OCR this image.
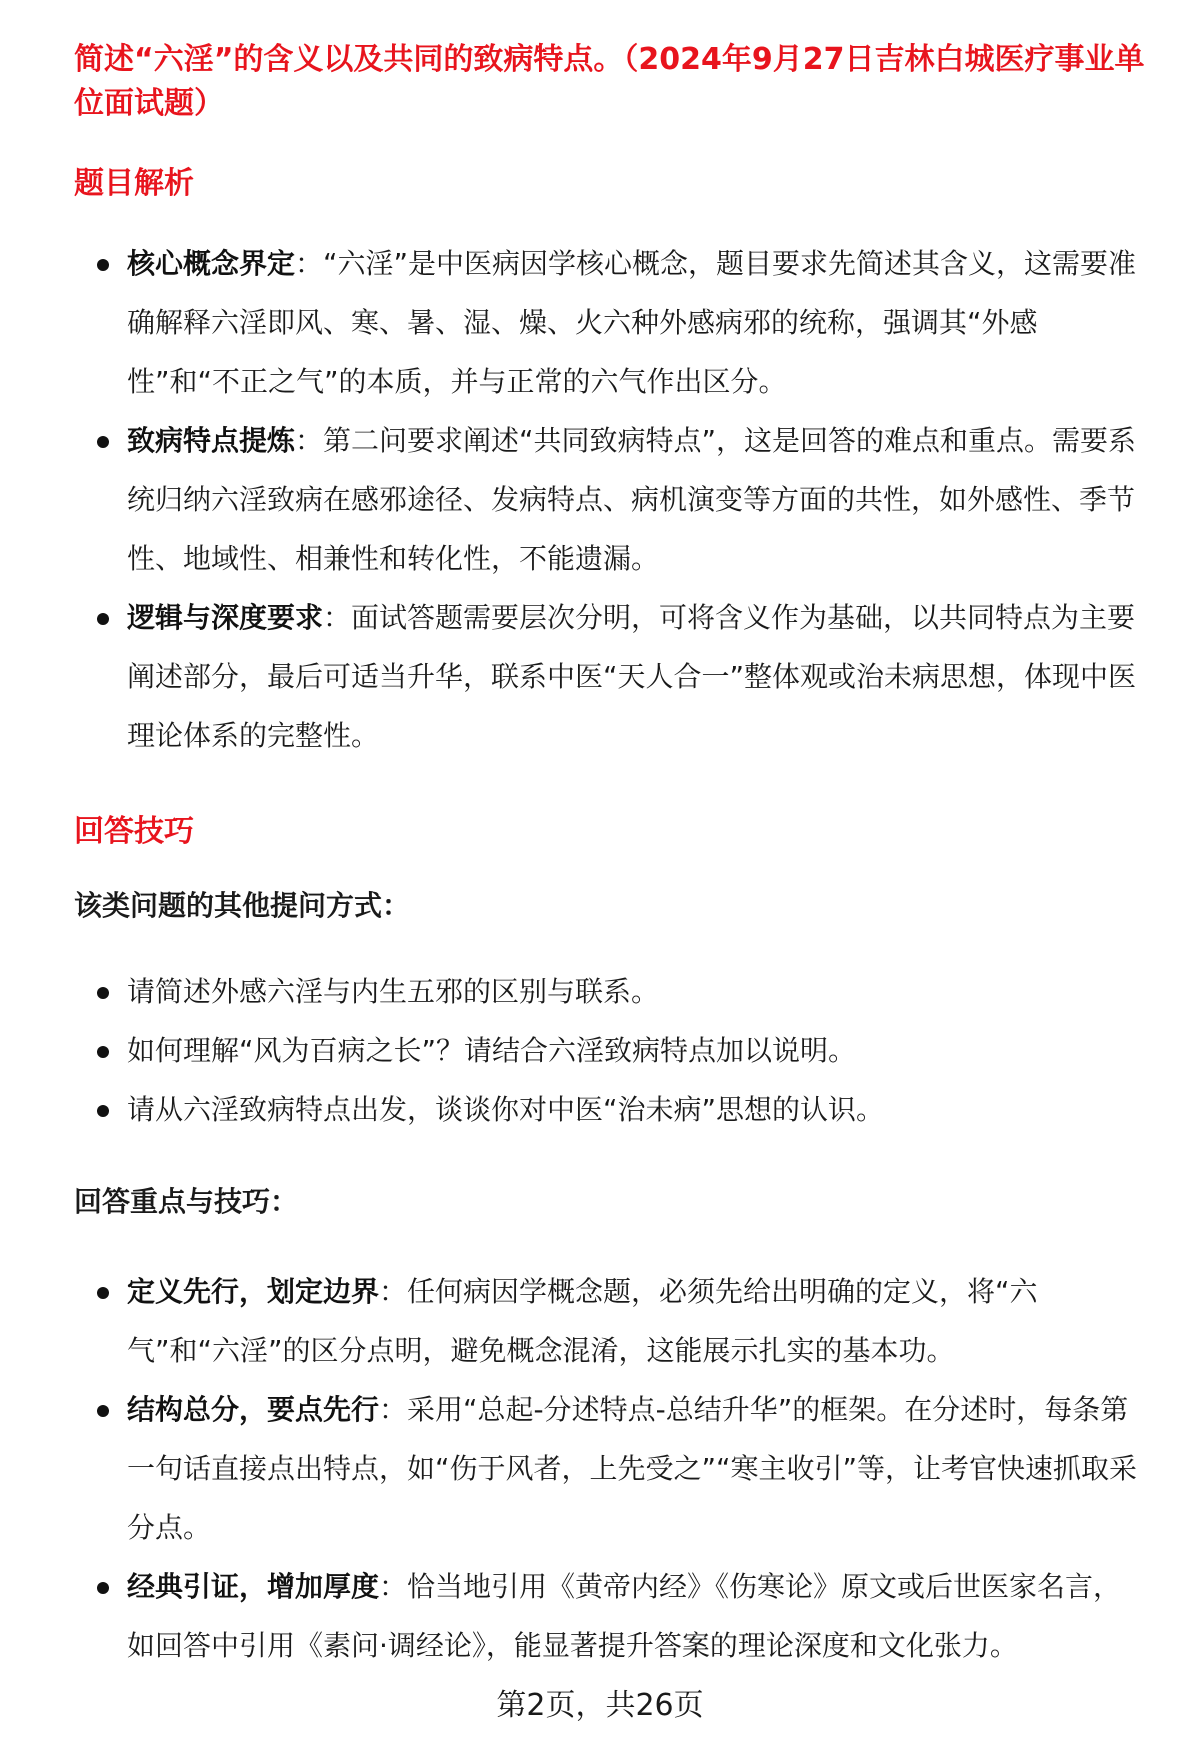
简述“六淫”的含义以及共同的致病特点。（2024年9月27日吉林白城医疗事业单位面试题）
题目解析
核心概念界定：“六淫”是中医病因学核心概念，题目要求先简述其含义，这需要准确解释六淫即风、寒、暑、湿、燥、火六种外感病邪的统称，强调其“外感性”和“不正之气”的本质，并与正常的六气作出区分。
致病特点提炼：第二问要求阐述“共同致病特点”，这是回答的难点和重点。需要系统归纳六淫致病在感邪途径、发病特点、病机演变等方面的共性，如外感性、季节性、地域性、相兼性和转化性，不能遗漏。
逻辑与深度要求：面试答题需要层次分明，可将含义作为基础，以共同特点为主要阐述部分，最后可适当升华，联系中医“天人合一”整体观或治未病思想，体现中医理论体系的完整性。
回答技巧
该类问题的其他提问方式：
请简述外感六淫与内生五邪的区别与联系。
如何理解“风为百病之长”？请结合六淫致病特点加以说明。
请从六淫致病特点出发，谈谈你对中医“治未病”思想的认识。
回答重点与技巧：
定义先行，划定边界：任何病因学概念题，必须先给出明确的定义，将“六气”和“六淫”的区分点明，避免概念混淆，这能展示扎实的基本功。
结构总分，要点先行：采用“总起-分述特点-总结升华”的框架。在分述时，每条第一句话直接点出特点，如“伤于风者，上先受之”“寒主收引”等，让考官快速抓取采分点。
经典引证，增加厚度：恰当地引用《黄帝内经》《伤寒论》原文或后世医家名言，如回答中引用《素问·调经论》，能显著提升答案的理论深度和文化张力。
第2页，共26页
